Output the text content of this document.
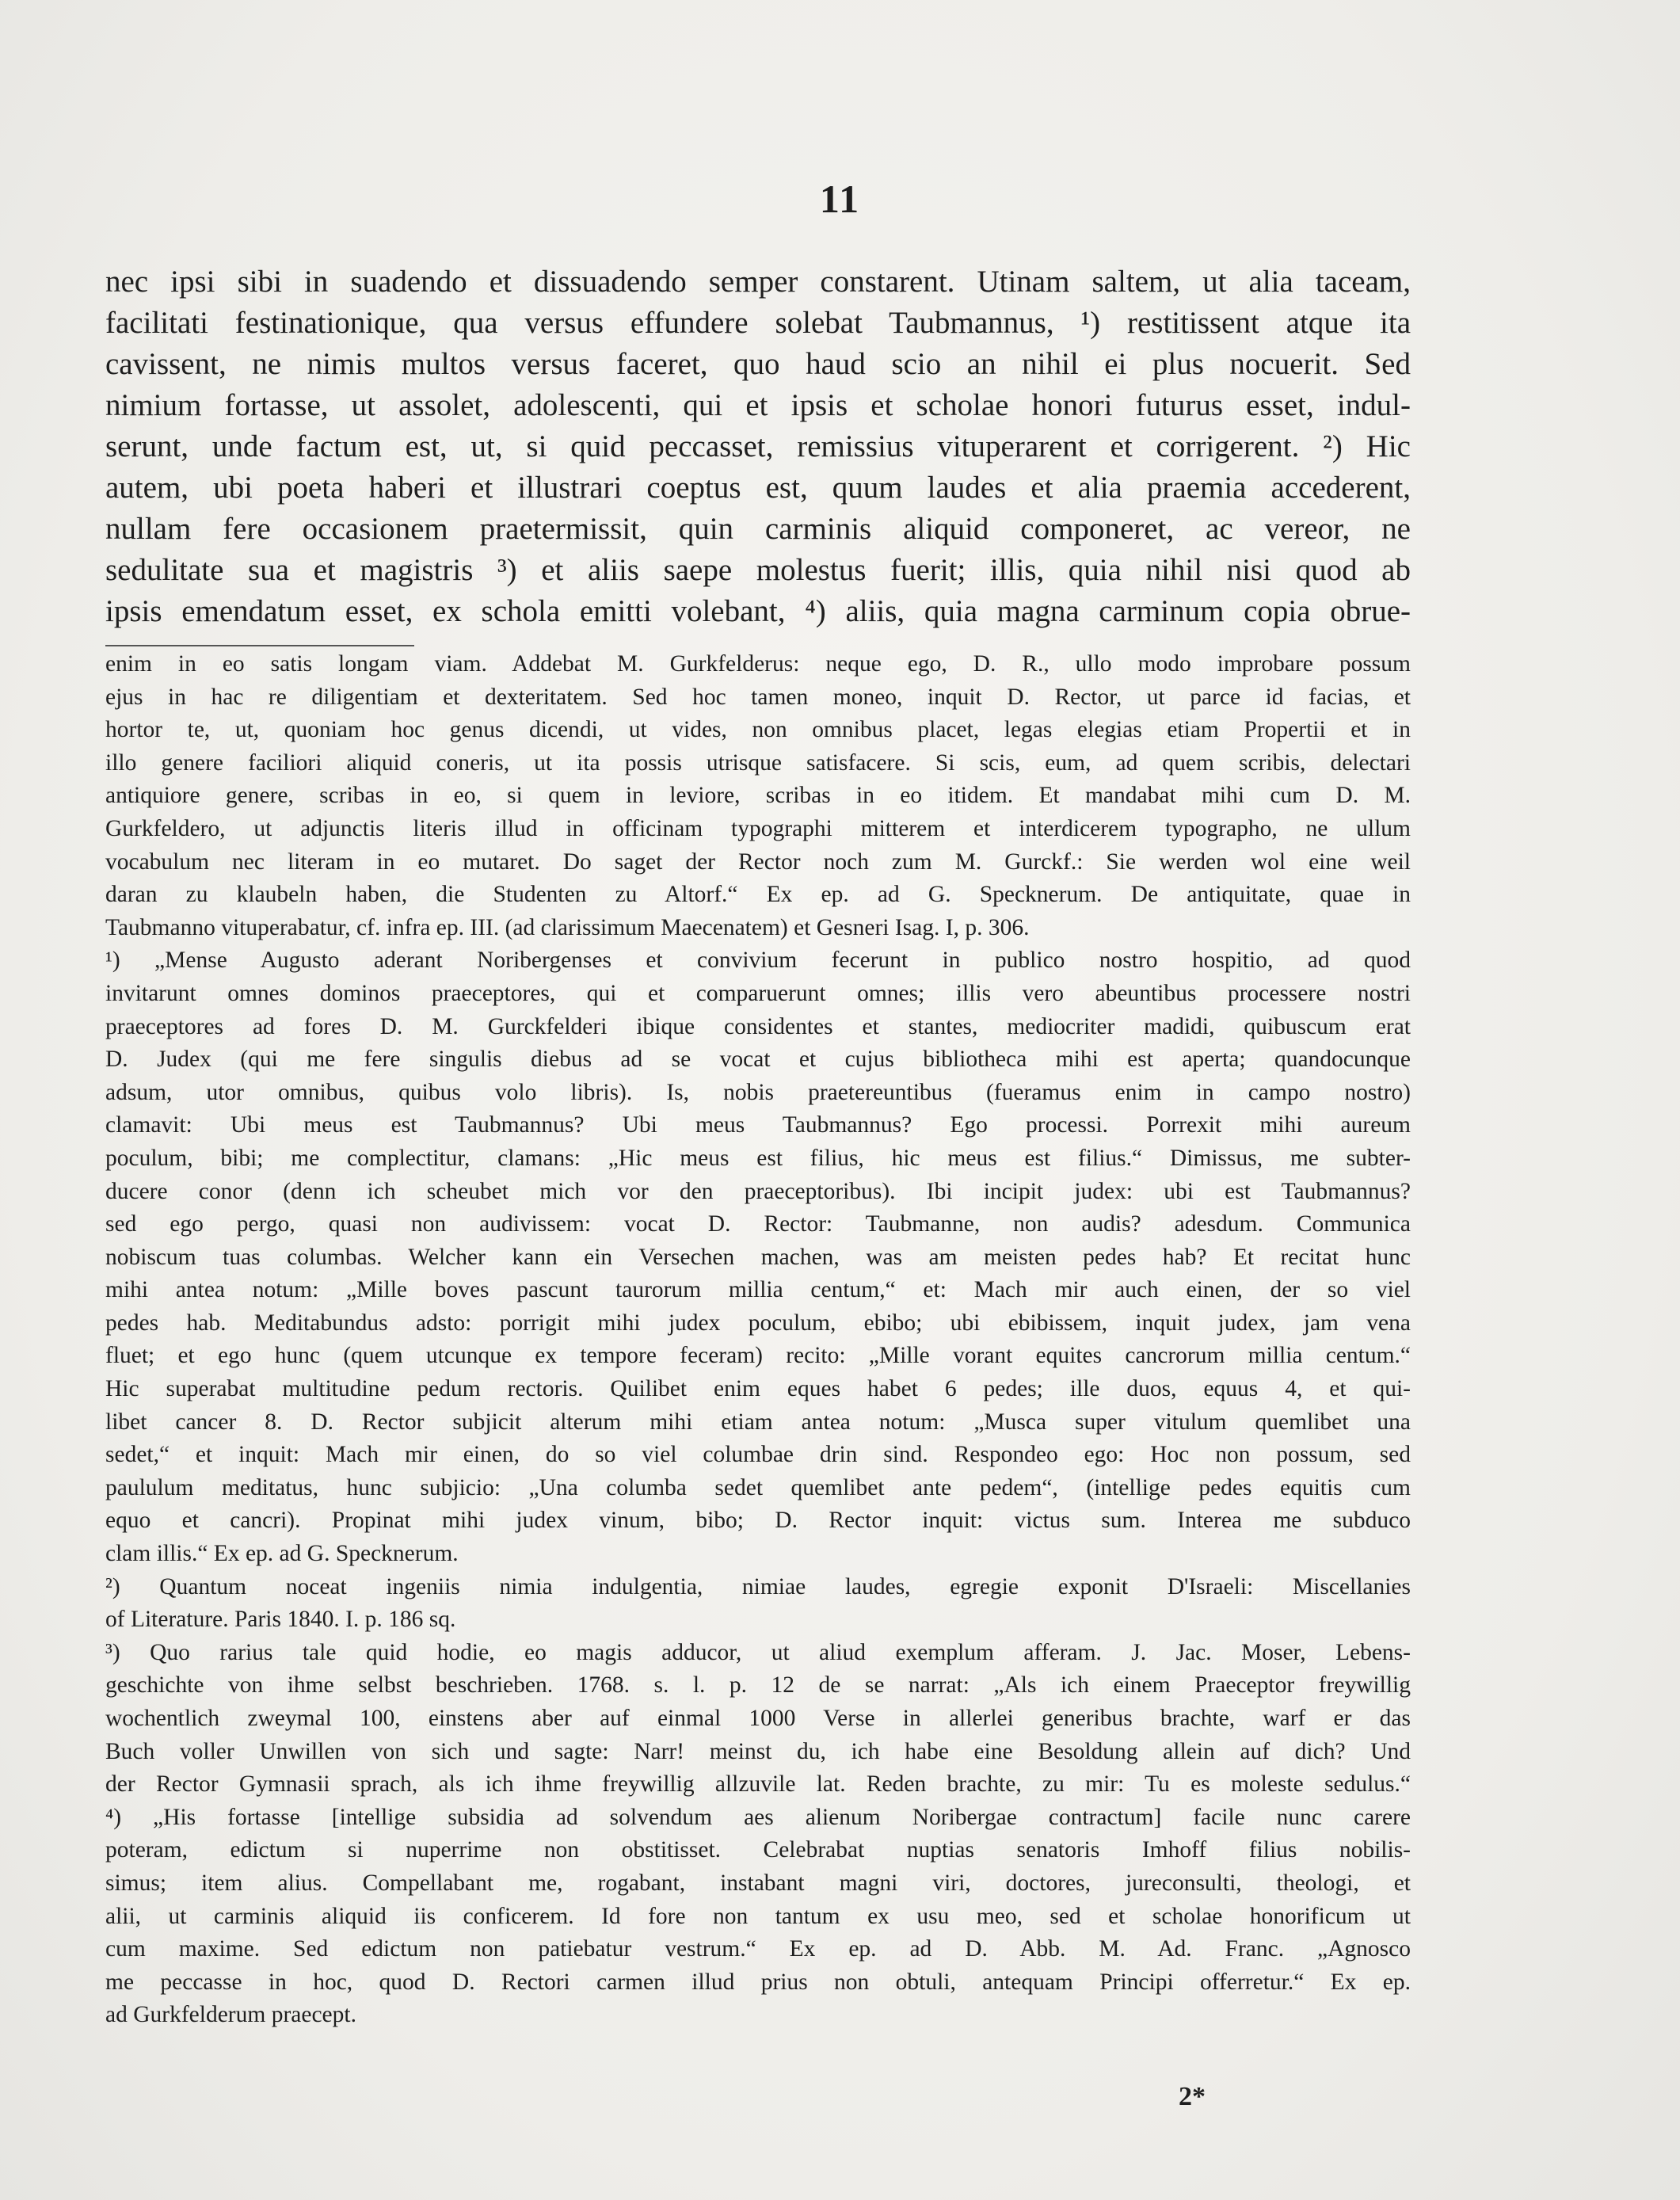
11
nec ipsi sibi in suadendo et dissuadendo semper constarent. Utinam saltem, ut alia taceam,
facilitati festinationique, qua versus effundere solebat Taubmannus, ¹) restitissent atque ita
cavissent, ne nimis multos versus faceret, quo haud scio an nihil ei plus nocuerit. Sed
nimium fortasse, ut assolet, adolescenti, qui et ipsis et scholae honori futurus esset, indul-
serunt, unde factum est, ut, si quid peccasset, remissius vituperarent et corrigerent. ²) Hic
autem, ubi poeta haberi et illustrari coeptus est, quum laudes et alia praemia accederent,
nullam fere occasionem praetermissit, quin carminis aliquid componeret, ac vereor, ne
sedulitate sua et magistris ³) et aliis saepe molestus fuerit; illis, quia nihil nisi quod ab
ipsis emendatum esset, ex schola emitti volebant, ⁴) aliis, quia magna carminum copia obrue-
enim in eo satis longam viam. Addebat M. Gurkfelderus: neque ego, D. R., ullo modo improbare possum
ejus in hac re diligentiam et dexteritatem. Sed hoc tamen moneo, inquit D. Rector, ut parce id facias, et
hortor te, ut, quoniam hoc genus dicendi, ut vides, non omnibus placet, legas elegias etiam Propertii et in
illo genere faciliori aliquid coneris, ut ita possis utrisque satisfacere. Si scis, eum, ad quem scribis, delectari
antiquiore genere, scribas in eo, si quem in leviore, scribas in eo itidem. Et mandabat mihi cum D. M.
Gurkfeldero, ut adjunctis literis illud in officinam typographi mitterem et interdicerem typographo, ne ullum
vocabulum nec literam in eo mutaret. Do saget der Rector noch zum M. Gurckf.: Sie werden wol eine weil
daran zu klaubeln haben, die Studenten zu Altorf.“ Ex ep. ad G. Specknerum. De antiquitate, quae in
Taubmanno vituperabatur, cf. infra ep. III. (ad clarissimum Maecenatem) et Gesneri Isag. I, p. 306.
¹) „Mense Augusto aderant Noribergenses et convivium fecerunt in publico nostro hospitio, ad quod
invitarunt omnes dominos praeceptores, qui et comparuerunt omnes; illis vero abeuntibus processere nostri
praeceptores ad fores D. M. Gurckfelderi ibique considentes et stantes, mediocriter madidi, quibuscum erat
D. Judex (qui me fere singulis diebus ad se vocat et cujus bibliotheca mihi est aperta; quandocunque
adsum, utor omnibus, quibus volo libris). Is, nobis praetereuntibus (fueramus enim in campo nostro)
clamavit: Ubi meus est Taubmannus? Ubi meus Taubmannus? Ego processi. Porrexit mihi aureum
poculum, bibi; me complectitur, clamans: „Hic meus est filius, hic meus est filius.“ Dimissus, me subter-
ducere conor (denn ich scheubet mich vor den praeceptoribus). Ibi incipit judex: ubi est Taubmannus?
sed ego pergo, quasi non audivissem: vocat D. Rector: Taubmanne, non audis? adesdum. Communica
nobiscum tuas columbas. Welcher kann ein Versechen machen, was am meisten pedes hab? Et recitat hunc
mihi antea notum: „Mille boves pascunt taurorum millia centum,“ et: Mach mir auch einen, der so viel
pedes hab. Meditabundus adsto: porrigit mihi judex poculum, ebibo; ubi ebibissem, inquit judex, jam vena
fluet; et ego hunc (quem utcunque ex tempore feceram) recito: „Mille vorant equites cancrorum millia centum.“
Hic superabat multitudine pedum rectoris. Quilibet enim eques habet 6 pedes; ille duos, equus 4, et qui-
libet cancer 8. D. Rector subjicit alterum mihi etiam antea notum: „Musca super vitulum quemlibet una
sedet,“ et inquit: Mach mir einen, do so viel columbae drin sind. Respondeo ego: Hoc non possum, sed
paululum meditatus, hunc subjicio: „Una columba sedet quemlibet ante pedem“, (intellige pedes equitis cum
equo et cancri). Propinat mihi judex vinum, bibo; D. Rector inquit: victus sum. Interea me subduco
clam illis.“ Ex ep. ad G. Specknerum.
²) Quantum noceat ingeniis nimia indulgentia, nimiae laudes, egregie exponit D'Israeli: Miscellanies
of Literature. Paris 1840. I. p. 186 sq.
³) Quo rarius tale quid hodie, eo magis adducor, ut aliud exemplum afferam. J. Jac. Moser, Lebens-
geschichte von ihme selbst beschrieben. 1768. s. l. p. 12 de se narrat: „Als ich einem Praeceptor freywillig
wochentlich zweymal 100, einstens aber auf einmal 1000 Verse in allerlei generibus brachte, warf er das
Buch voller Unwillen von sich und sagte: Narr! meinst du, ich habe eine Besoldung allein auf dich? Und
der Rector Gymnasii sprach, als ich ihme freywillig allzuvile lat. Reden brachte, zu mir: Tu es moleste sedulus.“
⁴) „His fortasse [intellige subsidia ad solvendum aes alienum Noribergae contractum] facile nunc carere
poteram, edictum si nuperrime non obstitisset. Celebrabat nuptias senatoris Imhoff filius nobilis-
simus; item alius. Compellabant me, rogabant, instabant magni viri, doctores, jureconsulti, theologi, et
alii, ut carminis aliquid iis conficerem. Id fore non tantum ex usu meo, sed et scholae honorificum ut
cum maxime. Sed edictum non patiebatur vestrum.“ Ex ep. ad D. Abb. M. Ad. Franc. „Agnosco
me peccasse in hoc, quod D. Rectori carmen illud prius non obtuli, antequam Principi offerretur.“ Ex ep.
ad Gurkfelderum praecept.
2*
